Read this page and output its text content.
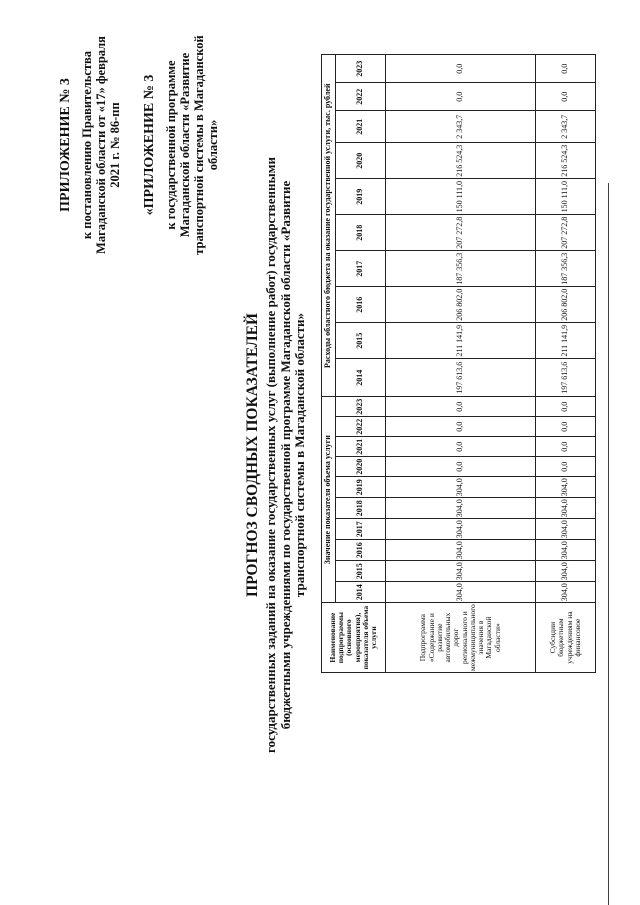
ПРИЛОЖЕНИЕ № 3 к постановлению Правительства Магаданской области от «17» февраля 2021 г. № 86-пп «ПРИЛОЖЕНИЕ № 3 к государственной программе Магаданской области «Развитие транспортной системы в Магаданской области»
ПРОГНОЗ СВОДНЫХ ПОКАЗАТЕЛЕЙ государственных заданий на оказание государственных услуг (выполнение работ) государственными бюджетными учреждениями по государственной программе Магаданской области «Развитие транспортной системы в Магаданской области»
Наименование подпрограммы (основного мероприятия), показателя объема услуги	Значение показателя объема услуги										Расходы областного бюджета на оказание государственной услуги, тыс. рублей									
	2014	2015	2016	2017	2018	2019	2020	2021	2022	2023	2014	2015	2016	2017	2018	2019	2020	2021	2022	2023
Подпрограмма «Содержание и развитие автомобильных дорог регионального и межмуниципального значения в Магаданской области»	304,0	304,0	304,0	304,0	304,0	304,0	0,0	0,0	0,0	0,0	197 613,6	211 141,9	206 802,0	187 356,3	207 272,8	150 111,0	216 524,3	2 343,7	0,0	0,0
Субсидии бюджетным учреждениям на финансовое	304,0	304,0	304,0	304,0	304,0	304,0	0,0	0,0	0,0	0,0	197 613,6	211 141,9	206 802,0	187 356,3	207 272,8	150 111,0	216 524,3	2 343,7	0,0	0,0
